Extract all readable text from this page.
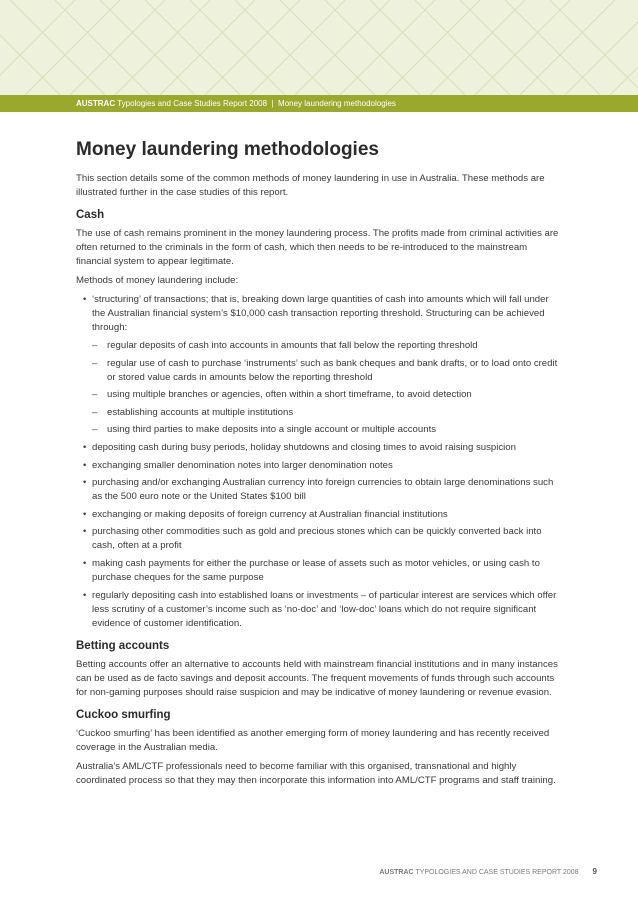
AUSTRAC Typologies and Case Studies Report 2008  |  Money laundering methodologies
Money laundering methodologies

This section details some of the common methods of money laundering in use in Australia. These methods are illustrated further in the case studies of this report.

Cash

The use of cash remains prominent in the money laundering process. The profits made from criminal activities are often returned to the criminals in the form of cash, which then needs to be re-introduced to the mainstream financial system to appear legitimate.

Methods of money laundering include:

• ‘structuring’ of transactions; that is, breaking down large quantities of cash into amounts which will fall under the Australian financial system’s $10,000 cash transaction reporting threshold. Structuring can be achieved through:
– regular deposits of cash into accounts in amounts that fall below the reporting threshold
– regular use of cash to purchase ‘instruments’ such as bank cheques and bank drafts, or to load onto credit or stored value cards in amounts below the reporting threshold
– using multiple branches or agencies, often within a short timeframe, to avoid detection
– establishing accounts at multiple institutions
– using third parties to make deposits into a single account or multiple accounts
• depositing cash during busy periods, holiday shutdowns and closing times to avoid raising suspicion
• exchanging smaller denomination notes into larger denomination notes
• purchasing and/or exchanging Australian currency into foreign currencies to obtain large denominations such as the 500 euro note or the United States $100 bill
• exchanging or making deposits of foreign currency at Australian financial institutions
• purchasing other commodities such as gold and precious stones which can be quickly converted back into cash, often at a profit
• making cash payments for either the purchase or lease of assets such as motor vehicles, or using cash to purchase cheques for the same purpose
• regularly depositing cash into established loans or investments – of particular interest are services which offer less scrutiny of a customer’s income such as ‘no-doc’ and ‘low-doc’ loans which do not require significant evidence of customer identification.
Betting accounts

Betting accounts offer an alternative to accounts held with mainstream financial institutions and in many instances can be used as de facto savings and deposit accounts. The frequent movements of funds through such accounts for non-gaming purposes should raise suspicion and may be indicative of money laundering or revenue evasion.

Cuckoo smurfing

‘Cuckoo smurfing’ has been identified as another emerging form of money laundering and has recently received coverage in the Australian media.

Australia’s AML/CTF professionals need to become familiar with this organised, transnational and highly coordinated process so that they may then incorporate this information into AML/CTF programs and staff training.

AUSTRAC TYPOLOGIES AND CASE STUDIES REPORT 2008 9
